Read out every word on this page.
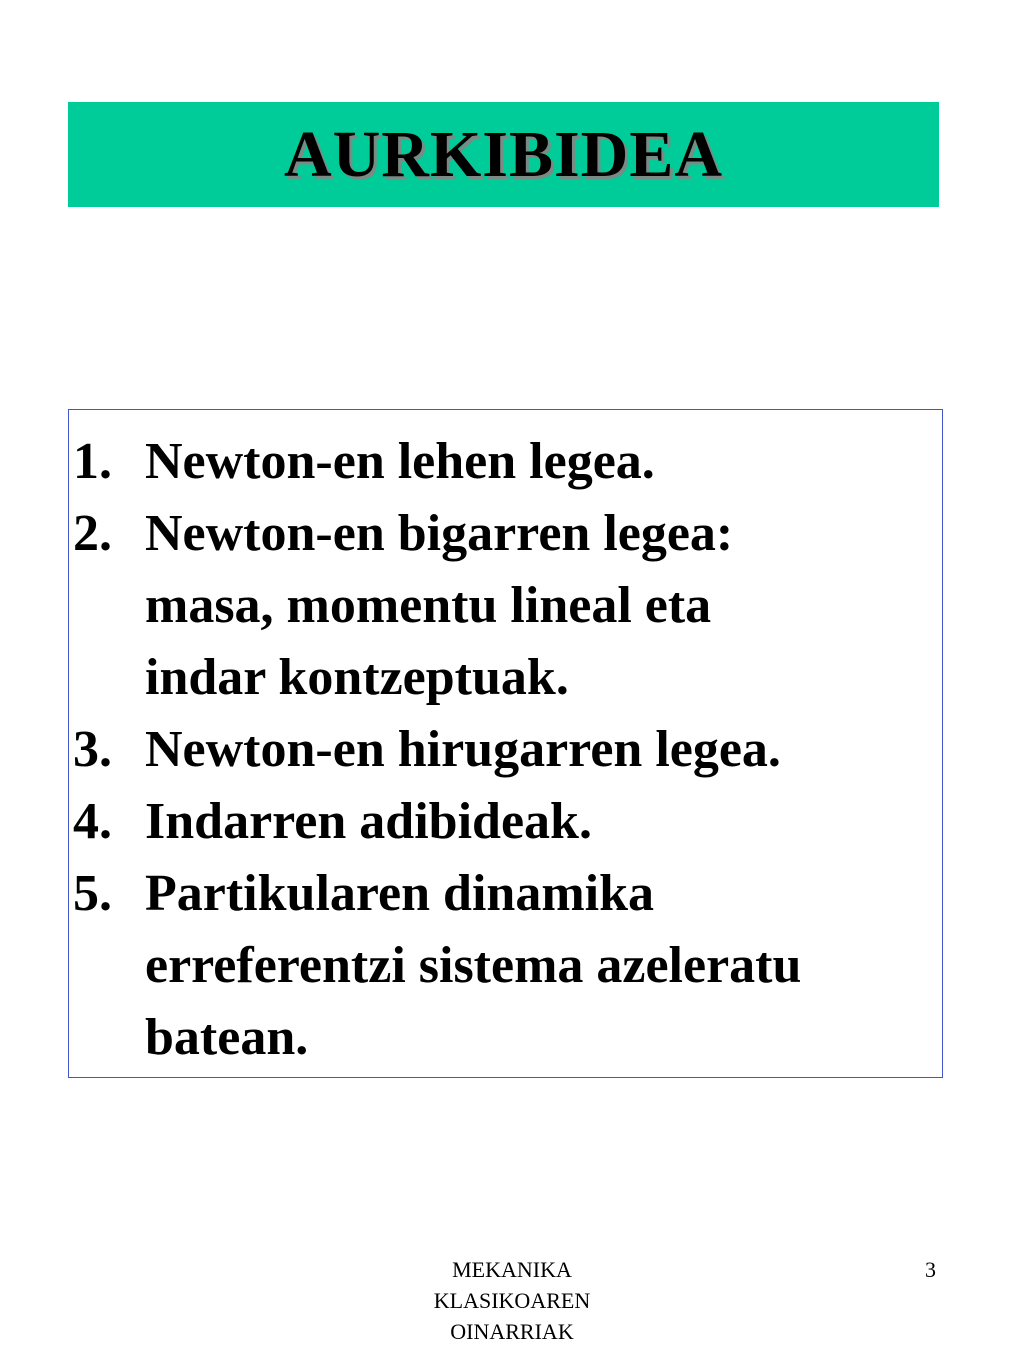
AURKIBIDEA
1. Newton-en lehen legea.
2. Newton-en bigarren legea:
masa, momentu lineal eta
indar kontzeptuak.
3. Newton-en hirugarren legea.
4. Indarren adibideak.
5. Partikularen dinamika
erreferentzi sistema azeleratu
batean.
MEKANIKA
KLASIKOAREN
OINARRIAK
3
